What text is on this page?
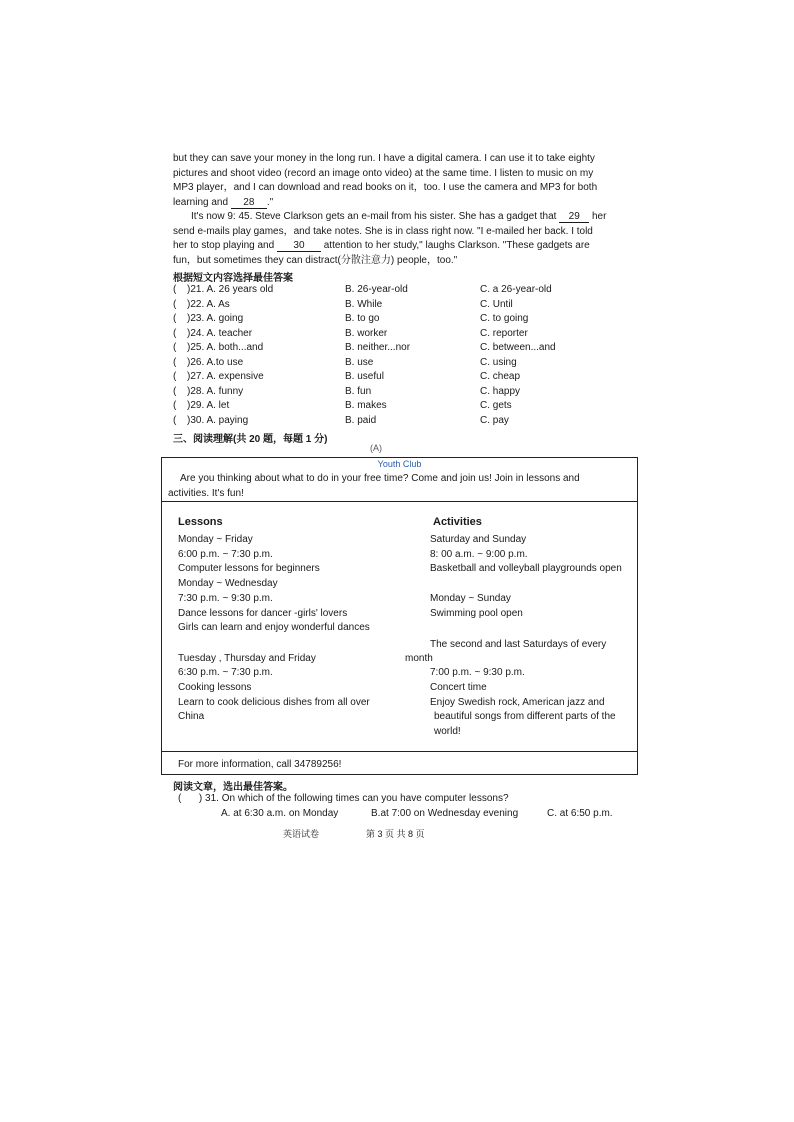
but they can save your money in the long run. I have a digital camera. I can use it to take eighty
pictures and shoot video (record an image onto video) at the same time. I listen to music on my
MP3 player，and I can download and read books on it，too. I use the camera and MP3 for both
learning and 28 ."
It's now 9: 45. Steve Clarkson gets an e-mail from his sister. She has a gadget that 29 her
send e-mails play games，and take notes. She is in class right now. "I e-mailed her back. I told
her to stop playing and 30 attention to her study," laughs Clarkson. "These gadgets are
fun，but sometimes they can distract(分散注意力) people，too."
根据短文内容选择最佳答案
( )21. A. 26 years old	B. 26-year-old	C. a 26-year-old
( )22. A. As	B. While	C. Until
( )23. A. going	B. to go	C. to going
( )24. A. teacher	B. worker	C. reporter
( )25. A. both...and	B. neither...nor	C. between...and
( )26. A.to use	B. use	C. using
( )27. A. expensive	B. useful	C. cheap
( )28. A. funny	B. fun	C. happy
( )29. A. let	B. makes	C. gets
( )30. A. paying	B. paid	C. pay
三、阅读理解(共 20 题，每题 1 分)
(A)
Youth Club
Are you thinking about what to do in your free time? Come and join us! Join in lessons and
activities. It's fun!
Lessons	Activities
Monday ~ Friday
6:00 p.m. ~ 7:30 p.m.
Computer lessons for beginners
Monday ~ Wednesday
7:30 p.m. ~ 9:30 p.m.
Dance lessons for dancer -girls' lovers
Girls can learn and enjoy wonderful dances
Tuesday , Thursday and Friday
6:30 p.m. ~ 7:30 p.m.
Cooking lessons
Learn to cook delicious dishes from all over
China
Saturday and Sunday
8: 00 a.m. ~ 9:00 p.m.
Basketball and volleyball playgrounds open
Monday ~ Sunday
Swimming pool open
The second and last Saturdays of every
month
7:00 p.m. ~ 9:30 p.m.
Concert time
Enjoy Swedish rock, American jazz and
beautiful songs from different parts of the
world!
For more information, call 34789256!
阅读文章，选出最佳答案。
( ) 31. On which of the following times can you have computer lessons?
A. at 6:30 a.m. on Monday	B.at 7:00 on Wednesday evening	C. at 6:50 p.m.
英语试卷	第 3 页 共 8 页
